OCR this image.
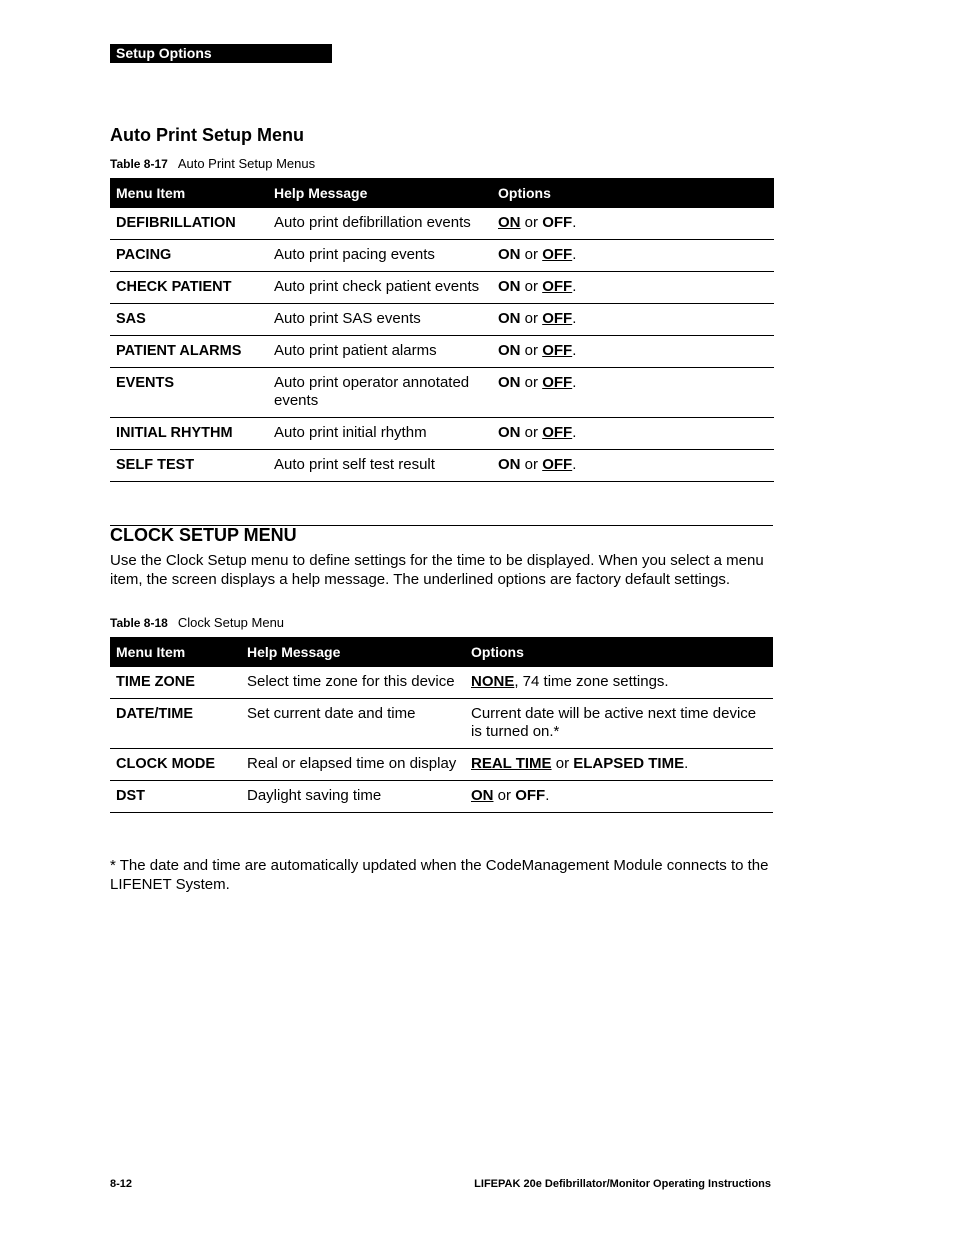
Setup Options
Auto Print Setup Menu
Table 8-17 Auto Print Setup Menus
Menu Item	Help Message	Options
DEFIBRILLATION	Auto print defibrillation events	ON or OFF.
PACING	Auto print pacing events	ON or OFF.
CHECK PATIENT	Auto print check patient events	ON or OFF.
SAS	Auto print SAS events	ON or OFF.
PATIENT ALARMS	Auto print patient alarms	ON or OFF.
EVENTS	Auto print operator annotated events	ON or OFF.
INITIAL RHYTHM	Auto print initial rhythm	ON or OFF.
SELF TEST	Auto print self test result	ON or OFF.
CLOCK SETUP MENU
Use the Clock Setup menu to define settings for the time to be displayed. When you select a menu item, the screen displays a help message. The underlined options are factory default settings.
Table 8-18 Clock Setup Menu
Menu Item	Help Message	Options
TIME ZONE	Select time zone for this device	NONE, 74 time zone settings.
DATE/TIME	Set current date and time	Current date will be active next time device is turned on.*
CLOCK MODE	Real or elapsed time on display	REAL TIME or ELAPSED TIME.
DST	Daylight saving time	ON or OFF.
* The date and time are automatically updated when the CodeManagement Module connects to the LIFENET System.
8-12	LIFEPAK 20e Defibrillator/Monitor Operating Instructions
